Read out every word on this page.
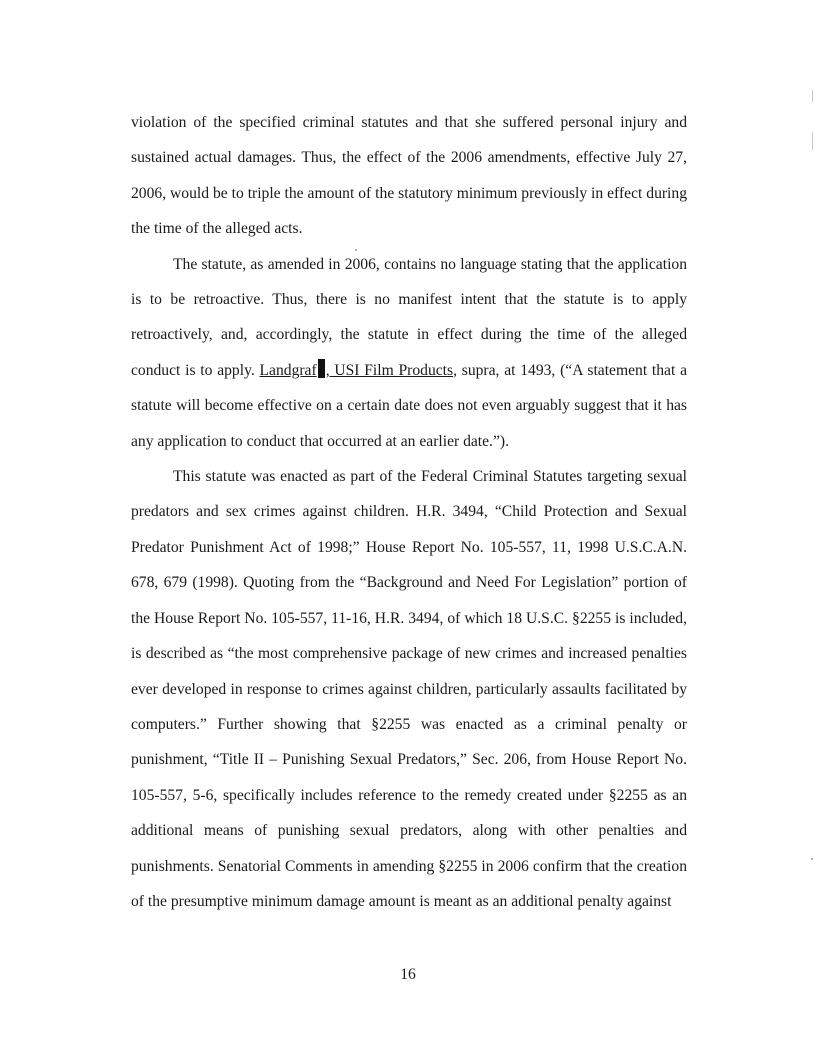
violation of the specified criminal statutes and that she suffered personal injury and sustained actual damages. Thus, the effect of the 2006 amendments, effective July 27, 2006, would be to triple the amount of the statutory minimum previously in effect during the time of the alleged acts.

The statute, as amended in 2006, contains no language stating that the application is to be retroactive. Thus, there is no manifest intent that the statute is to apply retroactively, and, accordingly, the statute in effect during the time of the alleged conduct is to apply. Landgraf , USI Film Products, supra, at 1493, (“A statement that a statute will become effective on a certain date does not even arguably suggest that it has any application to conduct that occurred at an earlier date.”).

This statute was enacted as part of the Federal Criminal Statutes targeting sexual predators and sex crimes against children. H.R. 3494, “Child Protection and Sexual Predator Punishment Act of 1998;” House Report No. 105-557, 11, 1998 U.S.C.A.N. 678, 679 (1998). Quoting from the “Background and Need For Legislation” portion of the House Report No. 105-557, 11-16, H.R. 3494, of which 18 U.S.C. §2255 is included, is described as “the most comprehensive package of new crimes and increased penalties ever developed in response to crimes against children, particularly assaults facilitated by computers.” Further showing that §2255 was enacted as a criminal penalty or punishment, “Title II – Punishing Sexual Predators,” Sec. 206, from House Report No. 105-557, 5-6, specifically includes reference to the remedy created under §2255 as an additional means of punishing sexual predators, along with other penalties and punishments. Senatorial Comments in amending §2255 in 2006 confirm that the creation of the presumptive minimum damage amount is meant as an additional penalty against

16
